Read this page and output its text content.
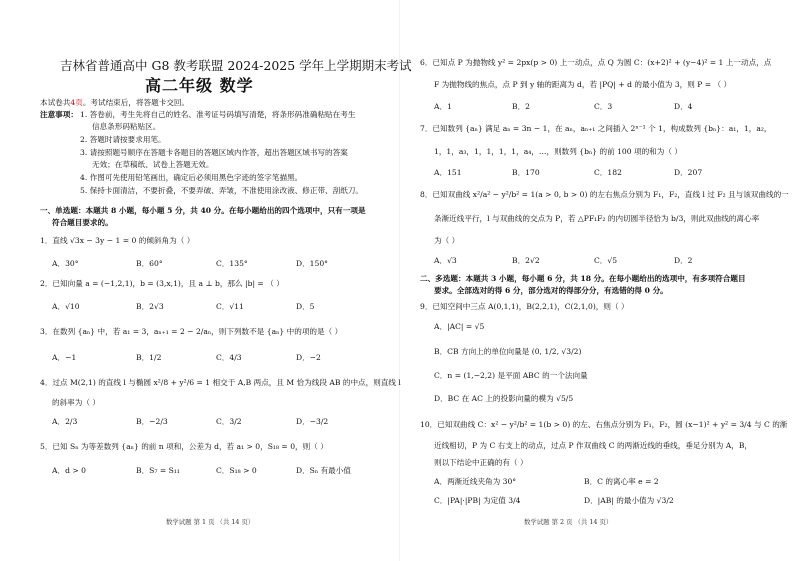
吉林省普通高中 G8 教考联盟 2024-2025 学年上学期期末考试
高二年级 数学
本试卷共4页。考试结束后，将答题卡交回。
注意事项： 1. 答卷前，考生先将自己的姓名、准考证号码填写清楚，将条形码准确粘贴在考生
信息条形码粘贴区。
2. 答题时请按要求用笔。
3. 请按照题号顺序在答题卡各题目的答题区域内作答，超出答题区域书写的答案
无效；在草稿纸、试卷上答题无效。
4. 作图可先使用铅笔画出，确定后必须用黑色字迹的签字笔描黑。
5. 保持卡面清洁，不要折叠，不要弄破、弄皱，不准使用涂改液、修正带、刮纸刀。
一、单选题：本题共 8 小题，每小题 5 分，共 40 分。在每小题给出的四个选项中，只有一项是
符合题目要求的。
1．直线 √3x − 3y − 1 = 0 的倾斜角为（ ）
A．30°	B．60°	C．135°	D．150°
2．已知向量 a = (−1,2,1)，b = (3,x,1)，且 a ⊥ b，那么 |b| = （ ）
A．√10	B．2√3	C．√11	D．5
3．在数列 {aₙ} 中，若 a₁ = 3，aₙ₊₁ = 2 − 2/aₙ，则下列数不是 {aₙ} 中的项的是（ ）
A．−1	B．1/2	C．4/3	D．−2
4．过点 M(2,1) 的直线 l 与椭圆 x²/8 + y²/6 = 1 相交于 A,B 两点，且 M 恰为线段 AB 的中点，则直线 l
的斜率为（ ）
A．2/3	B．−2/3	C．3/2	D．−3/2
5．已知 Sₙ 为等差数列 {aₙ} 的前 n 项和，公差为 d，若 a₁ > 0，S₁₈ = 0，则（ ）
A．d > 0	B．S₇ = S₁₁	C．S₁₈ > 0	D．Sₙ 有最小值
数学试题 第 1 页 （共 14 页）
6．已知点 P 为抛物线 y² = 2px(p > 0) 上一动点，点 Q 为圆 C：(x+2)² + (y−4)² = 1 上一动点，点
F 为抛物线的焦点，点 P 到 y 轴的距离为 d，若 |PQ| + d 的最小值为 3，则 P = （ ）
A．1	B．2	C．3	D．4
7．已知数列 {aₙ} 满足 aₙ = 3n − 1，在 aₙ，aₙ₊₁ 之间插入 2ⁿ⁻¹ 个 1，构成数列 {bₙ}：a₁，1，a₂，
1，1，a₃，1，1，1，1，a₄，…，则数列 {bₙ} 的前 100 项的和为（ ）
A．151	B．170	C．182	D．207
8．已知双曲线 x²/a² − y²/b² = 1(a > 0, b > 0) 的左右焦点分别为 F₁，F₂，直线 l 过 F₂ 且与该双曲线的一
条渐近线平行，l 与双曲线的交点为 P，若 △PF₁F₂ 的内切圆半径恰为 b/3，则此双曲线的离心率
为（ ）
A．√3	B．2√2	C．√5	D．2
二、多选题：本题共 3 小题，每小题 6 分，共 18 分。在每小题给出的选项中，有多项符合题目
要求。全部选对的得 6 分，部分选对的得部分分，有选错的得 0 分。
9．已知空间中三点 A(0,1,1)，B(2,2,1)，C(2,1,0)，则（ ）
A．|AC| = √5
B．CB 方向上的单位向量是 (0, 1/2, √3/2)
C．n = (1,−2,2) 是平面 ABC 的一个法向量
D．BC 在 AC 上的投影向量的模为 √5/5
10．已知双曲线 C：x² − y²/b² = 1(b > 0) 的左、右焦点分别为 F₁，F₂，圆 (x−1)² + y² = 3/4 与 C 的渐
近线相切，P 为 C 右支上的动点，过点 P 作双曲线 C 的两渐近线的垂线，垂足分别为 A，B，
则以下结论中正确的有（ ）
A．两渐近线夹角为 30°	B．C 的离心率 e = 2
C．|PA|·|PB| 为定值 3/4	D．|AB| 的最小值为 √3/2
数学试题 第 2 页 （共 14 页）
